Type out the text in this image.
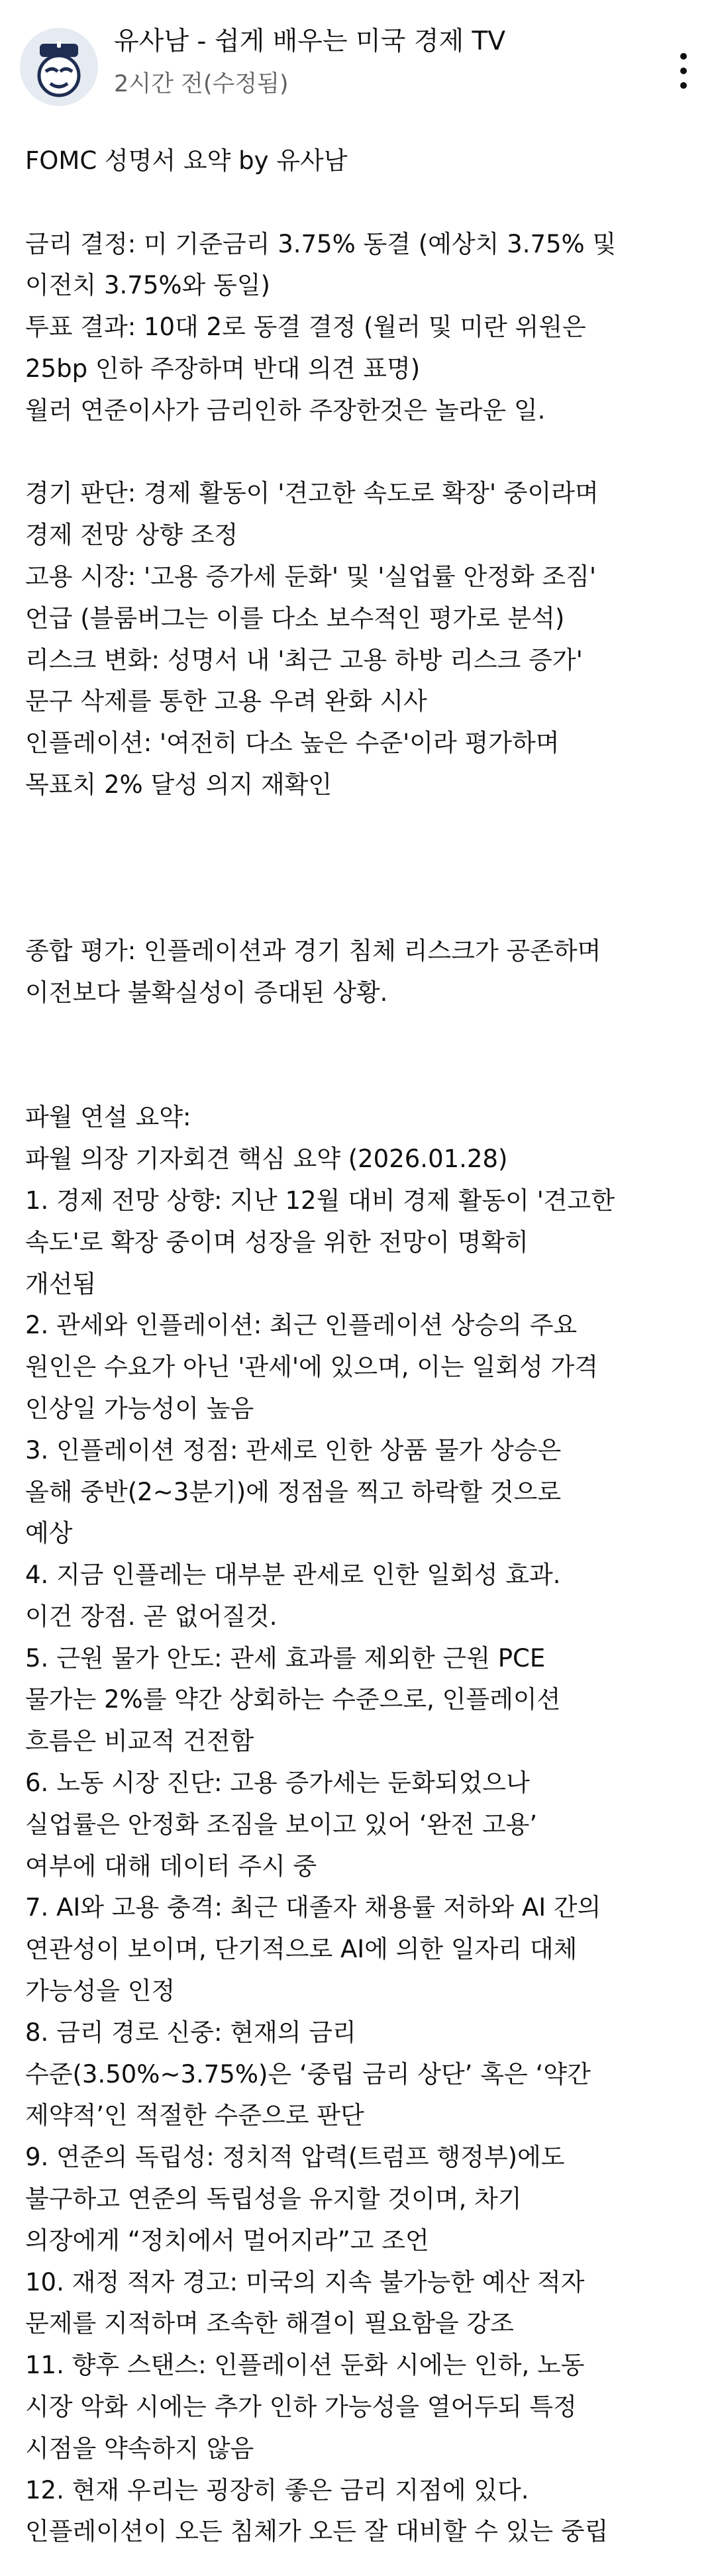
유사남 - 쉽게 배우는 미국 경제 TV
2시간 전(수정됨)
FOMC 성명서 요약 by 유사남
금리 결정: 미 기준금리 3.75% 동결 (예상치 3.75% 및
이전치 3.75%와 동일)
투표 결과: 10대 2로 동결 결정 (월러 및 미란 위원은
25bp 인하 주장하며 반대 의견 표명)
월러 연준이사가 금리인하 주장한것은 놀라운 일.
경기 판단: 경제 활동이 '견고한 속도로 확장' 중이라며
경제 전망 상향 조정
고용 시장: '고용 증가세 둔화' 및 '실업률 안정화 조짐'
언급 (블룸버그는 이를 다소 보수적인 평가로 분석)
리스크 변화: 성명서 내 '최근 고용 하방 리스크 증가'
문구 삭제를 통한 고용 우려 완화 시사
인플레이션: '여전히 다소 높은 수준'이라 평가하며
목표치 2% 달성 의지 재확인
종합 평가: 인플레이션과 경기 침체 리스크가 공존하며
이전보다 불확실성이 증대된 상황.
파월 연설 요약:
파월 의장 기자회견 핵심 요약 (2026.01.28)
1. 경제 전망 상향: 지난 12월 대비 경제 활동이 '견고한
속도'로 확장 중이며 성장을 위한 전망이 명확히
개선됨
2. 관세와 인플레이션: 최근 인플레이션 상승의 주요
원인은 수요가 아닌 '관세'에 있으며, 이는 일회성 가격
인상일 가능성이 높음
3. 인플레이션 정점: 관세로 인한 상품 물가 상승은
올해 중반(2~3분기)에 정점을 찍고 하락할 것으로
예상
4. 지금 인플레는 대부분 관세로 인한 일회성 효과.
이건 장점. 곧 없어질것.
5. 근원 물가 안도: 관세 효과를 제외한 근원 PCE
물가는 2%를 약간 상회하는 수준으로, 인플레이션
흐름은 비교적 건전함
6. 노동 시장 진단: 고용 증가세는 둔화되었으나
실업률은 안정화 조짐을 보이고 있어 ‘완전 고용’
여부에 대해 데이터 주시 중
7. AI와 고용 충격: 최근 대졸자 채용률 저하와 AI 간의
연관성이 보이며, 단기적으로 AI에 의한 일자리 대체
가능성을 인정
8. 금리 경로 신중: 현재의 금리
수준(3.50%~3.75%)은 ‘중립 금리 상단’ 혹은 ‘약간
제약적’인 적절한 수준으로 판단
9. 연준의 독립성: 정치적 압력(트럼프 행정부)에도
불구하고 연준의 독립성을 유지할 것이며, 차기
의장에게 “정치에서 멀어지라”고 조언
10. 재정 적자 경고: 미국의 지속 불가능한 예산 적자
문제를 지적하며 조속한 해결이 필요함을 강조
11. 향후 스탠스: 인플레이션 둔화 시에는 인하, 노동
시장 악화 시에는 추가 인하 가능성을 열어두되 특정
시점을 약속하지 않음
12. 현재 우리는 굉장히 좋은 금리 지점에 있다.
인플레이션이 오든 침체가 오든 잘 대비할 수 있는 중립
